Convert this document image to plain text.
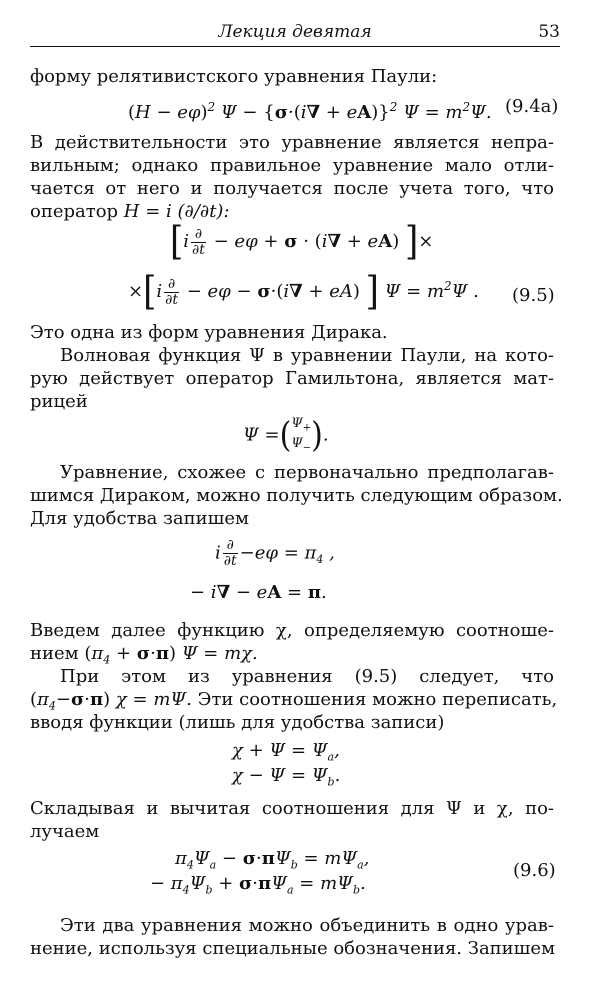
Лекция девятая	53
форму релятивистского уравнения Паули:
$(H - e\varphi)^2$ $\Psi - \{\sigma\cdot(i\nabla + eA)\}^2$ $\Psi = m^2\Psi$. (9.4a)
В действительности это уравнение является непра-
вильным; однако правильное уравнение мало отли-
чается от него и получается после учета того, что
оператор H = i (∂/∂t):
[$i \frac{\partial}{\partial t} - e\varphi + \sigma \cdot (i\nabla + eA)$ ]×
$\times[i \frac{\partial}{\partial t} - e\varphi - \sigma\cdot(i\nabla + eA)$ ] $\Psi = m^2\Psi$ . (9.5)
Это одна из форм уравнения Дирака.
Волновая функция Ψ в уравнении Паули, на кото-
рую действует оператор Гамильтона, является мат-
рицей
Ψ =( $\Psi_+$
$\Psi_-$ ).
Уравнение, схожее с первоначально предполагав-
шимся Дираком, можно получить следующим образом.
Для удобства запишем
i $\frac{\partial}{\partial t} -e\varphi = \pi_4$ ,
− i∇ − eA = π.
Введем далее функцию χ, определяемую соотноше-
нием $(\pi_4 + \sigma\cdot\pi) \Psi = m\chi$.
При этом из уравнения (9.5) следует, что
$(\pi_4-\sigma\cdot\pi) \chi = m\Psi$. Эти соотношения можно переписать,
вводя функции (лишь для удобства записи)
$\chi + \Psi = \Psi_a$,
$\chi - \Psi = \Psi_b$.
Складывая и вычитая соотношения для Ψ и χ, по-
лучаем
$\pi_4\Psi_a - \sigma\cdot\pi\Psi_b = m\Psi_a$,
− $\pi_4\Psi_b + \sigma\cdot\pi\Psi_a = m\Psi_b$.
(9.6)
Эти два уравнения можно объединить в одно урав-
нение, используя специальные обозначения. Запишем
